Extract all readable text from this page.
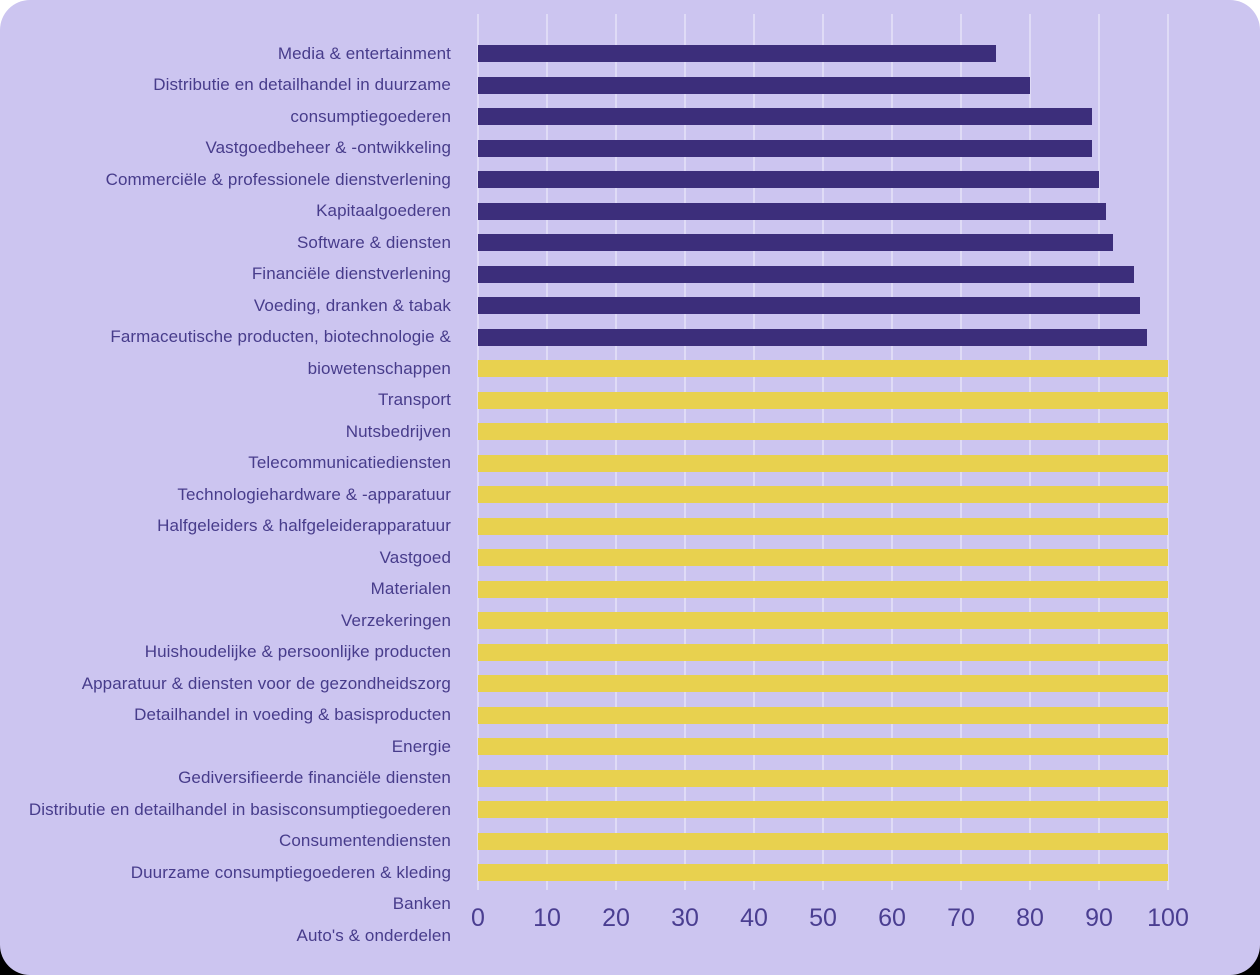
Media & entertainment
Distributie en detailhandel in duurzame
consumptiegoederen
Vastgoedbeheer & -ontwikkeling
Commerciële & professionele dienstverlening
Kapitaalgoederen
Software & diensten
Financiële dienstverlening
Voeding, dranken & tabak
Farmaceutische producten, biotechnologie &
biowetenschappen
Transport
Nutsbedrijven
Telecommunicatiediensten
Technologiehardware & -apparatuur
Halfgeleiders & halfgeleiderapparatuur
Vastgoed
Materialen
Verzekeringen
Huishoudelijke & persoonlijke producten
Apparatuur & diensten voor de gezondheidszorg
Detailhandel in voeding & basisproducten
Energie
Gediversifieerde financiële diensten
Distributie en detailhandel in basisconsumptiegoederen
Consumentendiensten
Duurzame consumptiegoederen & kleding
Banken
Auto's & onderdelen
0 10 20 30 40 50 60 70 80 90 100
